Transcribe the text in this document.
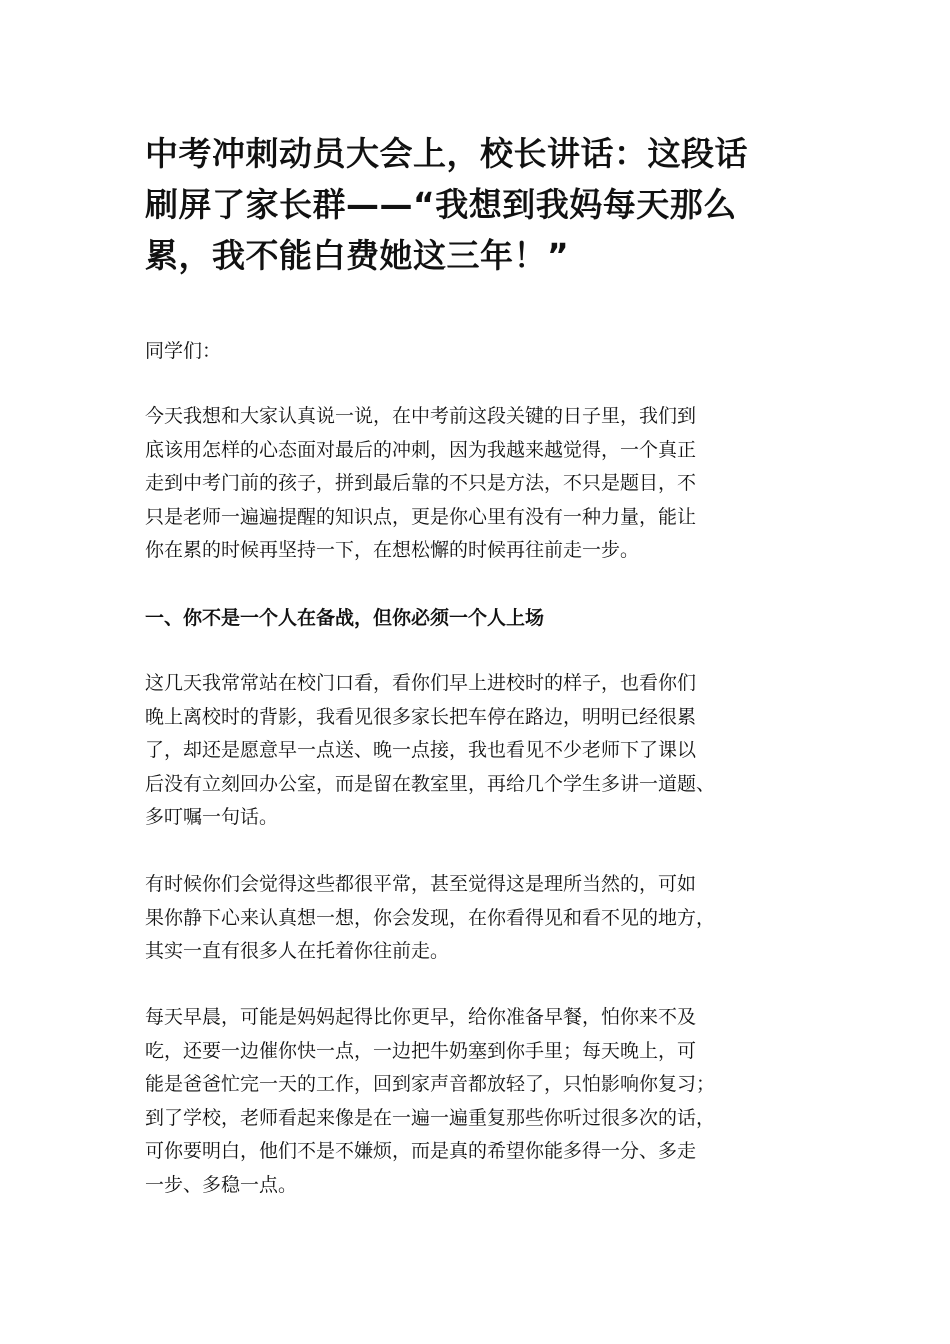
中考冲刺动员大会上，校长讲话：这段话
刷屏了家长群——“我想到我妈每天那么
累，我不能白费她这三年！”

同学们：

今天我想和大家认真说一说，在中考前这段关键的日子里，我们到
底该用怎样的心态面对最后的冲刺，因为我越来越觉得，一个真正
走到中考门前的孩子，拼到最后靠的不只是方法，不只是题目，不
只是老师一遍遍提醒的知识点，更是你心里有没有一种力量，能让
你在累的时候再坚持一下，在想松懈的时候再往前走一步。

一、你不是一个人在备战，但你必须一个人上场

这几天我常常站在校门口看，看你们早上进校时的样子，也看你们
晚上离校时的背影，我看见很多家长把车停在路边，明明已经很累
了，却还是愿意早一点送、晚一点接，我也看见不少老师下了课以
后没有立刻回办公室，而是留在教室里，再给几个学生多讲一道题、
多叮嘱一句话。

有时候你们会觉得这些都很平常，甚至觉得这是理所当然的，可如
果你静下心来认真想一想，你会发现，在你看得见和看不见的地方，
其实一直有很多人在托着你往前走。

每天早晨，可能是妈妈起得比你更早，给你准备早餐，怕你来不及
吃，还要一边催你快一点，一边把牛奶塞到你手里；每天晚上，可
能是爸爸忙完一天的工作，回到家声音都放轻了，只怕影响你复习；
到了学校，老师看起来像是在一遍一遍重复那些你听过很多次的话，
可你要明白，他们不是不嫌烦，而是真的希望你能多得一分、多走
一步、多稳一点。
